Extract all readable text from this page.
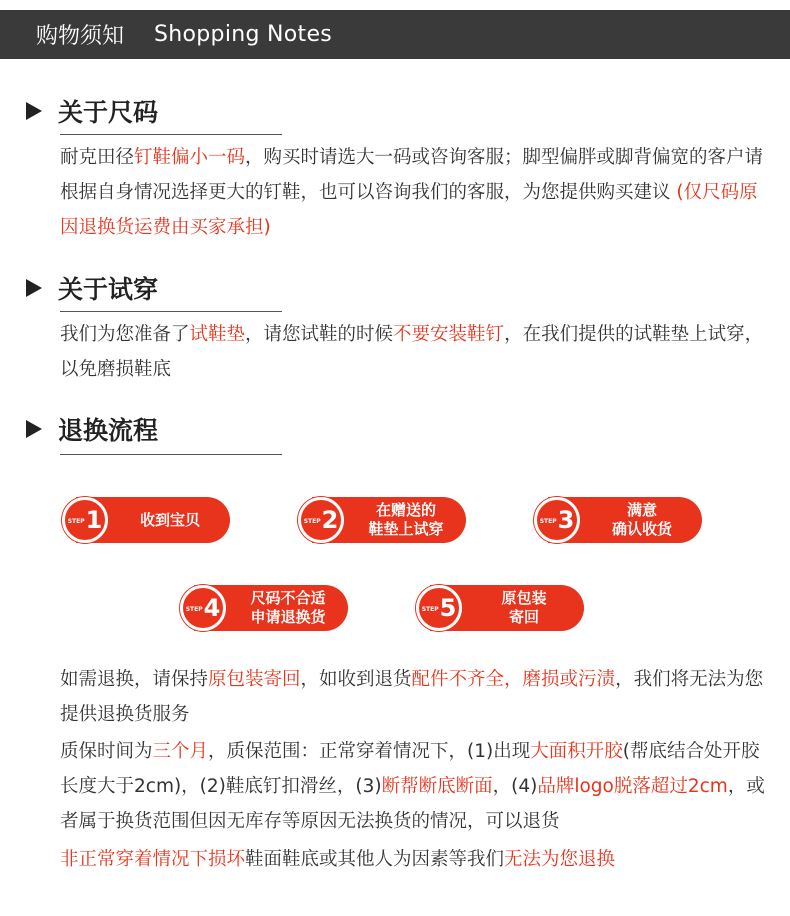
购物须知 Shopping Notes
关于尺码
耐克田径钉鞋偏小一码，购买时请选大一码或咨询客服；脚型偏胖或脚背偏宽的客户请根据自身情况选择更大的钉鞋，也可以咨询我们的客服，为您提供购买建议 (仅尺码原因退换货运费由买家承担)
关于试穿
我们为您准备了试鞋垫，请您试鞋的时候不要安装鞋钉，在我们提供的试鞋垫上试穿，以免磨损鞋底
退换流程
STEP 1	收到宝贝	STEP 2	在赠送的
鞋垫上试穿	STEP 3	满意
确认收货
STEP 4 尺码不合适
申请退换货	STEP 5	原包装
寄回
如需退换，请保持原包装寄回，如收到退货配件不齐全，磨损或污渍，我们将无法为您提供退换货服务
质保时间为三个月，质保范围：正常穿着情况下，(1)出现大面积开胶(帮底结合处开胶长度大于2cm)，(2)鞋底钉扣滑丝，(3)断帮断底断面，(4)品牌logo脱落超过2cm，或者属于换货范围但因无库存等原因无法换货的情况，可以退货
非正常穿着情况下损坏鞋面鞋底或其他人为因素等我们无法为您退换
